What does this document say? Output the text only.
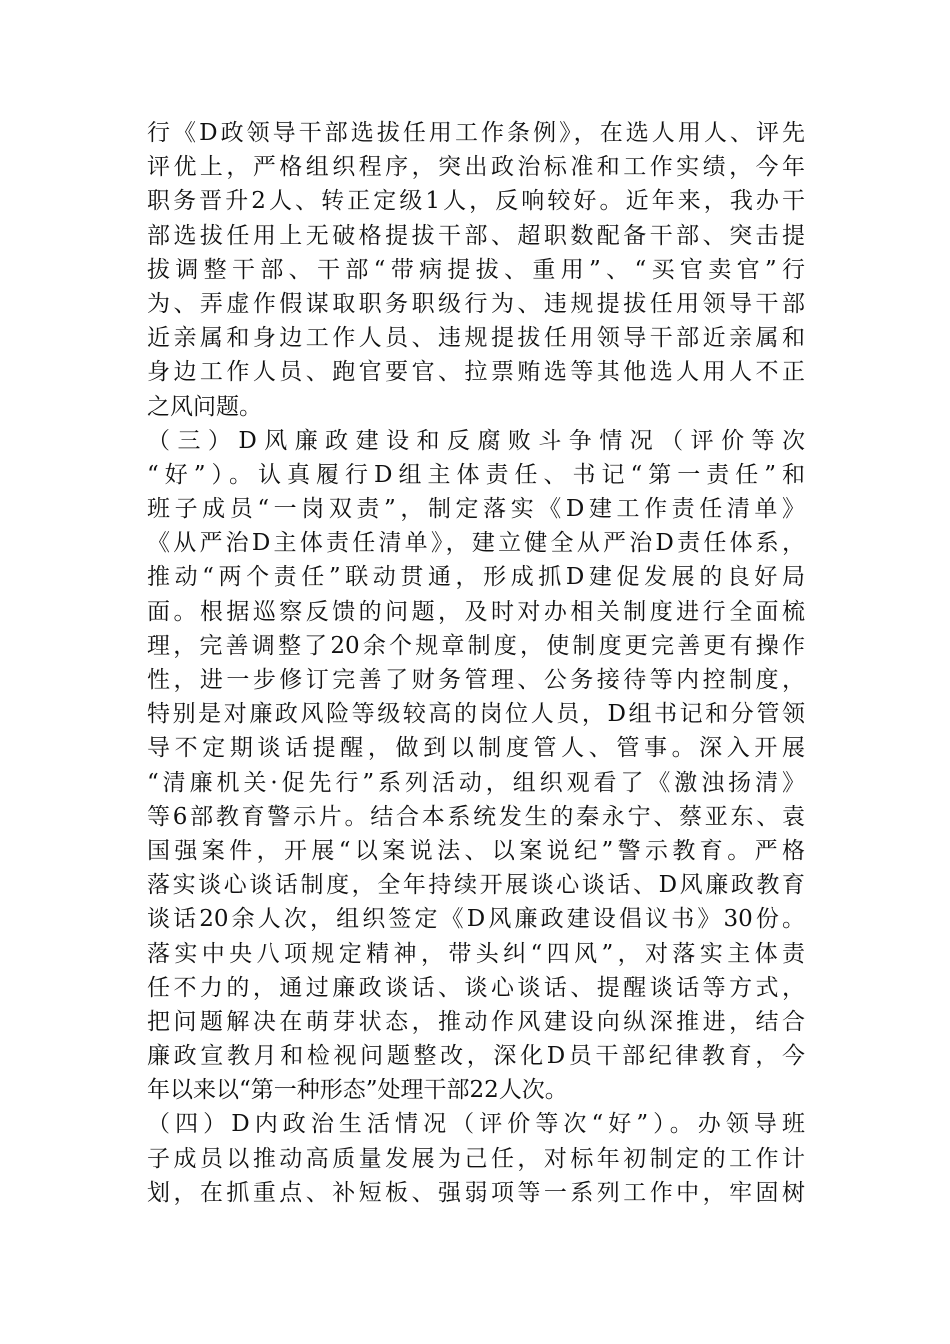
行《D政领导干部选拔任用工作条例》，在选人用人、评先
评优上，严格组织程序，突出政治标准和工作实绩，今年
职务晋升2人、转正定级1人，反响较好。近年来，我办干
部选拔任用上无破格提拔干部、超职数配备干部、突击提
拔调整干部、干部“带病提拔、重用”、“买官卖官”行
为、弄虚作假谋取职务职级行为、违规提拔任用领导干部
近亲属和身边工作人员、违规提拔任用领导干部近亲属和
身边工作人员、跑官要官、拉票贿选等其他选人用人不正
之风问题。
（三）D风廉政建设和反腐败斗争情况（评价等次
“好”）。认真履行D组主体责任、书记“第一责任”和
班子成员“一岗双责”，制定落实《D建工作责任清单》
《从严治D主体责任清单》，建立健全从严治D责任体系，
推动“两个责任”联动贯通，形成抓D建促发展的良好局
面。根据巡察反馈的问题，及时对办相关制度进行全面梳
理，完善调整了20余个规章制度，使制度更完善更有操作
性，进一步修订完善了财务管理、公务接待等内控制度，
特别是对廉政风险等级较高的岗位人员，D组书记和分管领
导不定期谈话提醒，做到以制度管人、管事。深入开展
“清廉机关·促先行”系列活动，组织观看了《激浊扬清》
等6部教育警示片。结合本系统发生的秦永宁、蔡亚东、袁
国强案件，开展“以案说法、以案说纪”警示教育。严格
落实谈心谈话制度，全年持续开展谈心谈话、D风廉政教育
谈话20余人次，组织签定《D风廉政建设倡议书》30份。
落实中央八项规定精神，带头纠“四风”，对落实主体责
任不力的，通过廉政谈话、谈心谈话、提醒谈话等方式，
把问题解决在萌芽状态，推动作风建设向纵深推进，结合
廉政宣教月和检视问题整改，深化D员干部纪律教育，今
年以来以“第一种形态”处理干部22人次。
（四）D内政治生活情况（评价等次“好”）。办领导班
子成员以推动高质量发展为己任，对标年初制定的工作计
划，在抓重点、补短板、强弱项等一系列工作中，牢固树
